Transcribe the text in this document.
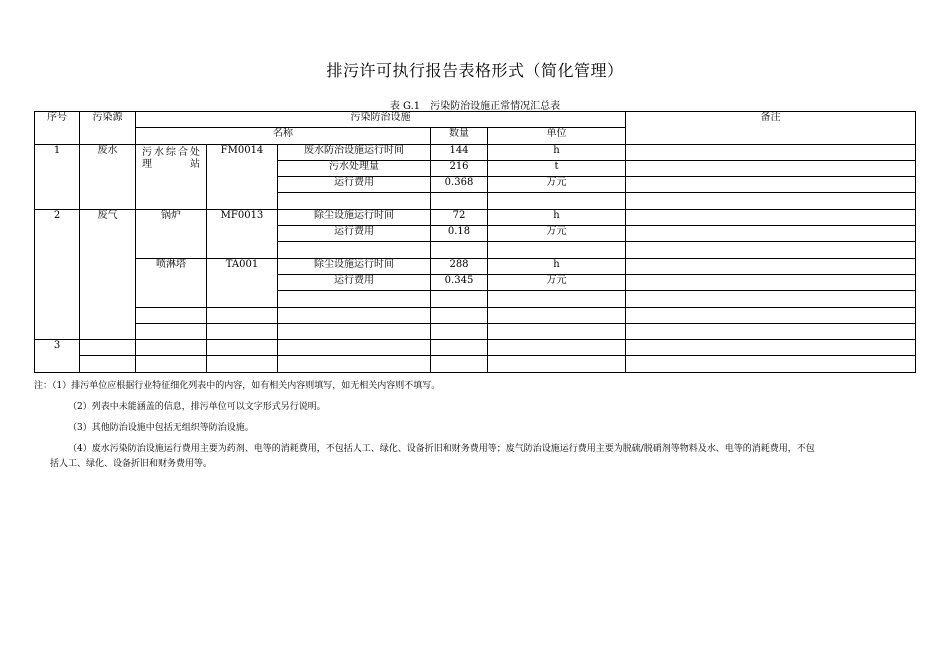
排污许可执行报告表格形式（简化管理）
表 G.1　污染防治设施正常情况汇总表
序号	污染源	污染防治设施					备注
		名称			数量	单位	
1	废水	污水综合处理站	FM0014	废水防治设施运行时间	144	h	
				污水处理量	216	t	
				运行费用	0.368	万元	

2	废气	锅炉	MF0013	除尘设施运行时间	72	h	
				运行费用	0.18	万元	

		喷淋塔	TA001	除尘设施运行时间	288	h	
				运行费用	0.345	万元	

3							

注：（1）排污单位应根据行业特征细化列表中的内容，如有相关内容则填写，如无相关内容则不填写。

（2）列表中未能涵盖的信息，排污单位可以文字形式另行说明。

（3）其他防治设施中包括无组织等防治设施。

（4）废水污染防治设施运行费用主要为药剂、电等的消耗费用，不包括人工、绿化、设备折旧和财务费用等；废气防治设施运行费用主要为脱硫/脱硝剂等物料及水、电等的消耗费用，不包

括人工、绿化、设备折旧和财务费用等。
